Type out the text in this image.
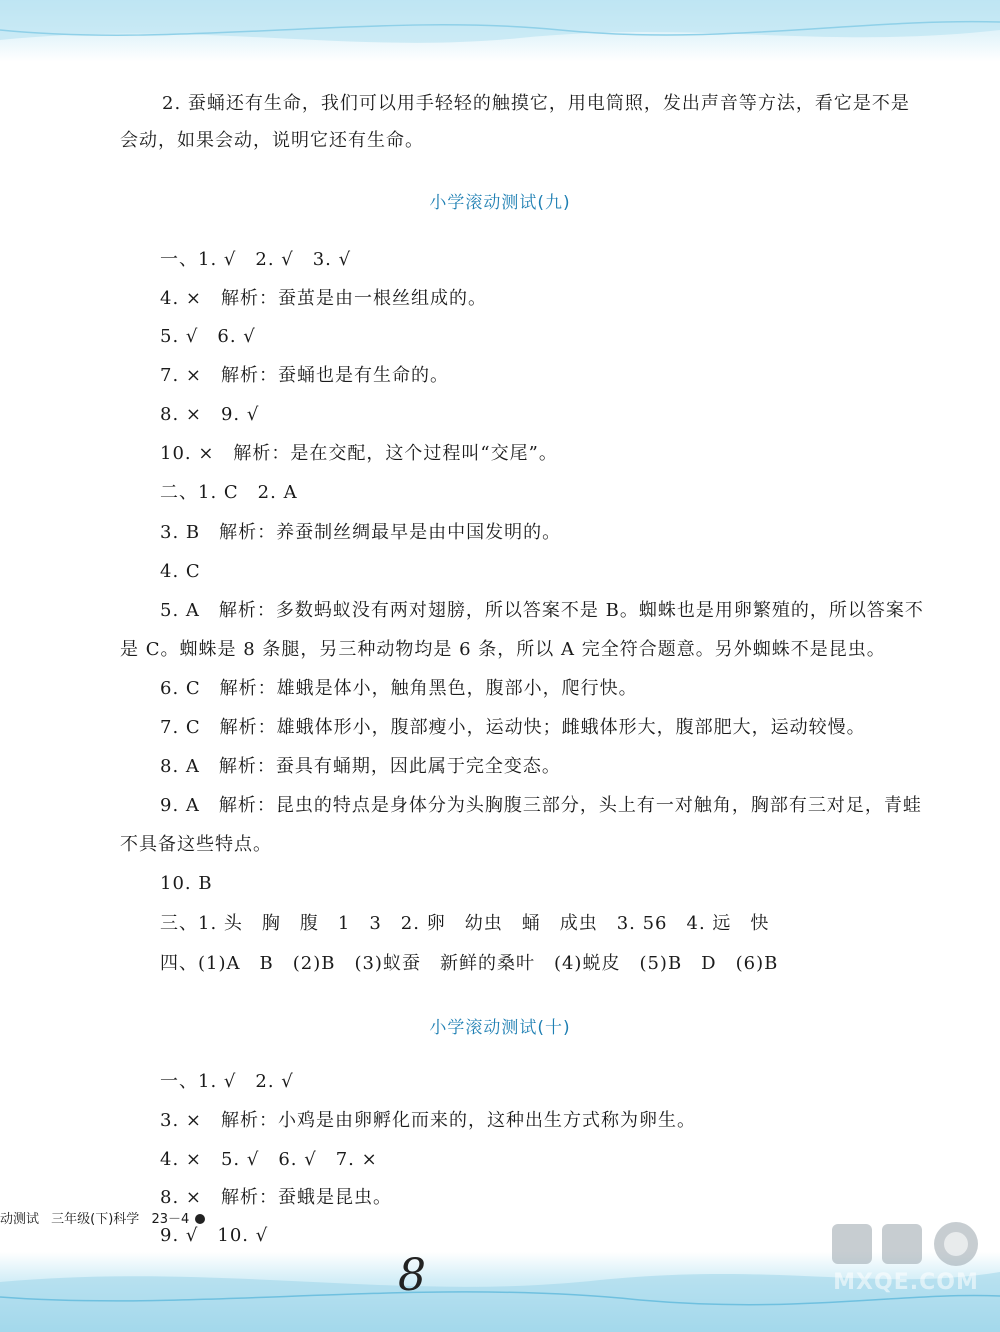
2. 蚕蛹还有生命，我们可以用手轻轻的触摸它，用电筒照，发出声音等方法，看它是不是
会动，如果会动，说明它还有生命。
小学滚动测试(九)
一、1. √　2. √　3. √
4. ×　解析：蚕茧是由一根丝组成的。
5. √　6. √
7. ×　解析：蚕蛹也是有生命的。
8. ×　9. √
10. ×　解析：是在交配，这个过程叫“交尾”。
二、1. C　2. A
3. B　解析：养蚕制丝绸最早是由中国发明的。
4. C
5. A　解析：多数蚂蚁没有两对翅膀，所以答案不是 B。蜘蛛也是用卵繁殖的，所以答案不
是 C。蜘蛛是 8 条腿，另三种动物均是 6 条，所以 A 完全符合题意。另外蜘蛛不是昆虫。
6. C　解析：雄蛾是体小，触角黑色，腹部小，爬行快。
7. C　解析：雄蛾体形小，腹部瘦小，运动快；雌蛾体形大，腹部肥大，运动较慢。
8. A　解析：蚕具有蛹期，因此属于完全变态。
9. A　解析：昆虫的特点是身体分为头胸腹三部分，头上有一对触角，胸部有三对足，青蛙
不具备这些特点。
10. B
三、1. 头　胸　腹　1　3　2. 卵　幼虫　蛹　成虫　3. 56　4. 远　快
四、(1)A　B　(2)B　(3)蚁蚕　新鲜的桑叶　(4)蜕皮　(5)B　D　(6)B
小学滚动测试(十)
一、1. √　2. √
3. ×　解析：小鸡是由卵孵化而来的，这种出生方式称为卵生。
4. ×　5. √　6. √　7. ×
8. ×　解析：蚕蛾是昆虫。
9. √　10. √
动测试 三年级(下)科学 23－4
8	MXQE.COM
